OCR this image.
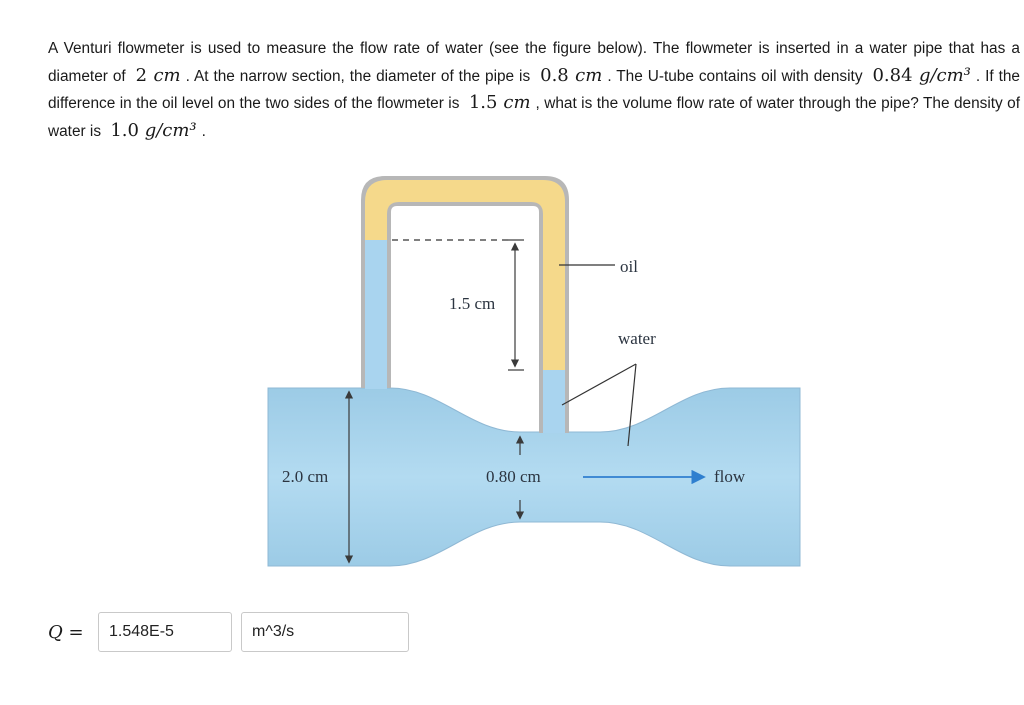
A Venturi flowmeter is used to measure the flow rate of water (see the figure below). The flowmeter is inserted in a water pipe that has a diameter of 2 cm . At the narrow section, the diameter of the pipe is 0.8 cm . The U-tube contains oil with density 0.84 g/cm³ . If the difference in the oil level on the two sides of the flowmeter is 1.5 cm , what is the volume flow rate of water through the pipe? The density of water is 1.0 g/cm³ .
1.5 cm
oil
water
2.0 cm	0.80 cm	flow
Q =
1.548E-5
m^3/s
